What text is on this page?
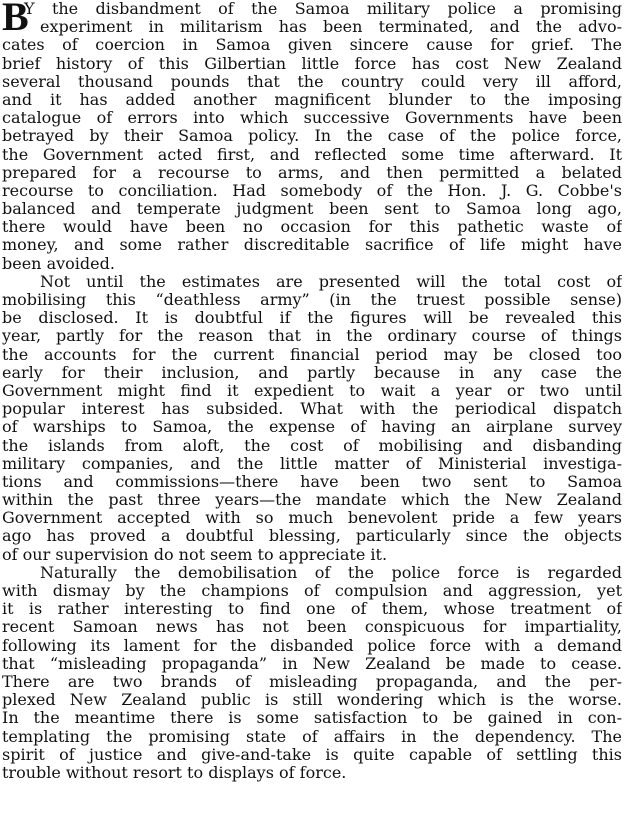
B
Y the disbandment of the Samoa military police a promising
experiment in militarism has been terminated, and the advo-
cates of coercion in Samoa given sincere cause for grief. The
brief history of this Gilbertian little force has cost New Zealand
several thousand pounds that the country could very ill afford,
and it has added another magnificent blunder to the imposing
catalogue of errors into which successive Governments have been
betrayed by their Samoa policy. In the case of the police force,
the Government acted first, and reflected some time afterward. It
prepared for a recourse to arms, and then permitted a belated
recourse to conciliation. Had somebody of the Hon. J. G. Cobbe's
balanced and temperate judgment been sent to Samoa long ago,
there would have been no occasion for this pathetic waste of
money, and some rather discreditable sacrifice of life might have
been avoided.
Not until the estimates are presented will the total cost of
mobilising this “deathless army” (in the truest possible sense)
be disclosed. It is doubtful if the figures will be revealed this
year, partly for the reason that in the ordinary course of things
the accounts for the current financial period may be closed too
early for their inclusion, and partly because in any case the
Government might find it expedient to wait a year or two until
popular interest has subsided. What with the periodical dispatch
of warships to Samoa, the expense of having an airplane survey
the islands from aloft, the cost of mobilising and disbanding
military companies, and the little matter of Ministerial investiga-
tions and commissions—there have been two sent to Samoa
within the past three years—the mandate which the New Zealand
Government accepted with so much benevolent pride a few years
ago has proved a doubtful blessing, particularly since the objects
of our supervision do not seem to appreciate it.
Naturally the demobilisation of the police force is regarded
with dismay by the champions of compulsion and aggression, yet
it is rather interesting to find one of them, whose treatment of
recent Samoan news has not been conspicuous for impartiality,
following its lament for the disbanded police force with a demand
that “misleading propaganda” in New Zealand be made to cease.
There are two brands of misleading propaganda, and the per-
plexed New Zealand public is still wondering which is the worse.
In the meantime there is some satisfaction to be gained in con-
templating the promising state of affairs in the dependency. The
spirit of justice and give-and-take is quite capable of settling this
trouble without resort to displays of force.
